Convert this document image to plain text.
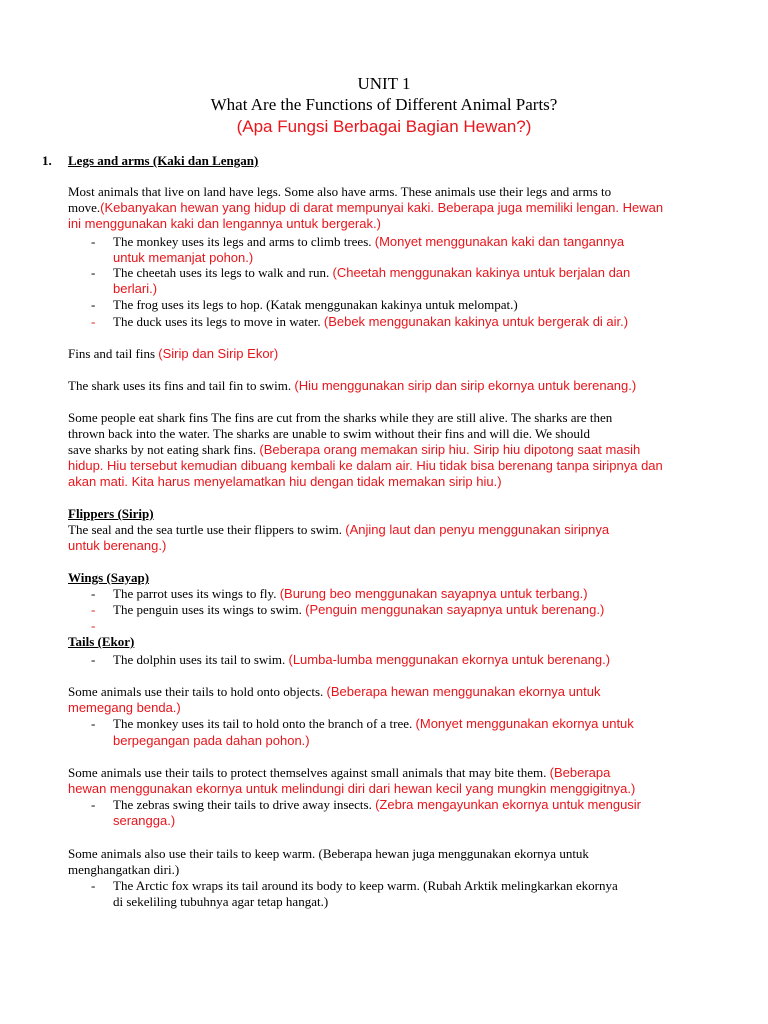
UNIT 1
What Are the Functions of Different Animal Parts?
(Apa Fungsi Berbagai Bagian Hewan?)
1. Legs and arms (Kaki dan Lengan)
Most animals that live on land have legs. Some also have arms. These animals use their legs and arms to
move.(Kebanyakan hewan yang hidup di darat mempunyai kaki. Beberapa juga memiliki lengan. Hewan
ini menggunakan kaki dan lengannya untuk bergerak.)
- The monkey uses its legs and arms to climb trees. (Monyet menggunakan kaki dan tangannya
untuk memanjat pohon.)
- The cheetah uses its legs to walk and run. (Cheetah menggunakan kakinya untuk berjalan dan
berlari.)
- The frog uses its legs to hop. (Katak menggunakan kakinya untuk melompat.)
- The duck uses its legs to move in water. (Bebek menggunakan kakinya untuk bergerak di air.)
Fins and tail fins (Sirip dan Sirip Ekor)
The shark uses its fins and tail fin to swim. (Hiu menggunakan sirip dan sirip ekornya untuk berenang.)
Some people eat shark fins The fins are cut from the sharks while they are still alive. The sharks are then
thrown back into the water. The sharks are unable to swim without their fins and will die. We should
save sharks by not eating shark fins. (Beberapa orang memakan sirip hiu. Sirip hiu dipotong saat masih
hidup. Hiu tersebut kemudian dibuang kembali ke dalam air. Hiu tidak bisa berenang tanpa siripnya dan
akan mati. Kita harus menyelamatkan hiu dengan tidak memakan sirip hiu.)
Flippers (Sirip)
The seal and the sea turtle use their flippers to swim. (Anjing laut dan penyu menggunakan siripnya
untuk berenang.)
Wings (Sayap)
- The parrot uses its wings to fly. (Burung beo menggunakan sayapnya untuk terbang.)
- The penguin uses its wings to swim. (Penguin menggunakan sayapnya untuk berenang.)
-
Tails (Ekor)
- The dolphin uses its tail to swim. (Lumba-lumba menggunakan ekornya untuk berenang.)
Some animals use their tails to hold onto objects. (Beberapa hewan menggunakan ekornya untuk
memegang benda.)
- The monkey uses its tail to hold onto the branch of a tree. (Monyet menggunakan ekornya untuk
berpegangan pada dahan pohon.)
Some animals use their tails to protect themselves against small animals that may bite them. (Beberapa
hewan menggunakan ekornya untuk melindungi diri dari hewan kecil yang mungkin menggigitnya.)
- The zebras swing their tails to drive away insects. (Zebra mengayunkan ekornya untuk mengusir
serangga.)
Some animals also use their tails to keep warm. (Beberapa hewan juga menggunakan ekornya untuk
menghangatkan diri.)
- The Arctic fox wraps its tail around its body to keep warm. (Rubah Arktik melingkarkan ekornya
di sekeliling tubuhnya agar tetap hangat.)
